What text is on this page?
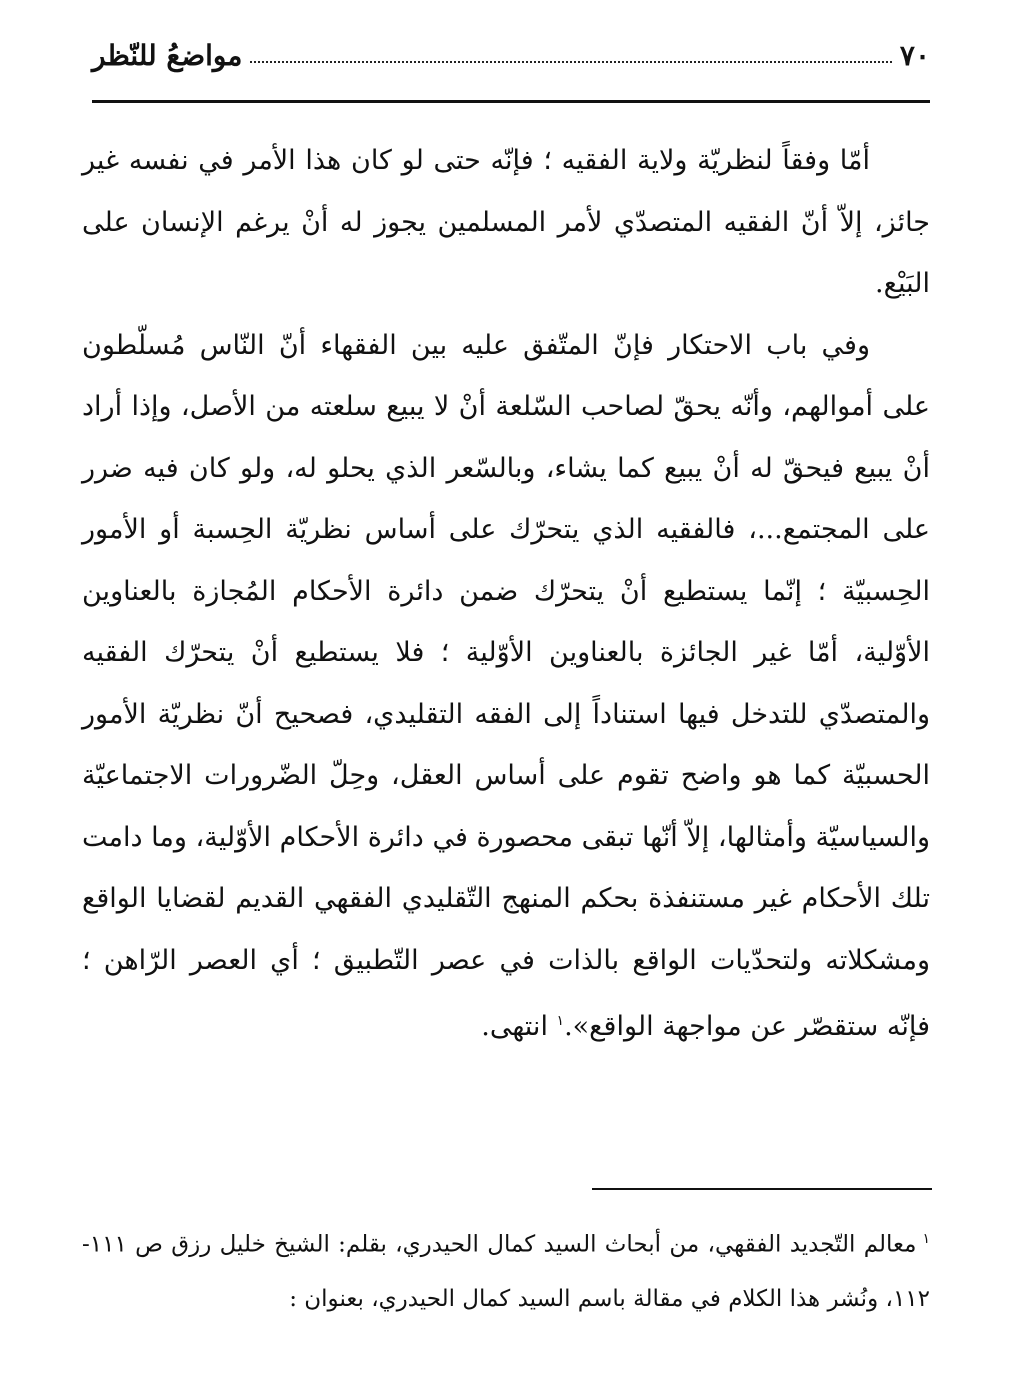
٧٠
مواضعُ للنّظر

أمّا وفقاً لنظريّة ولاية الفقيه ؛ فإنّه حتى لو كان هذا الأمر في نفسه غير جائز، إلاّ أنّ الفقيه المتصدّي لأمر المسلمين يجوز له أنْ يرغم الإنسان على البَيْع.

وفي باب الاحتكار فإنّ المتّفق عليه بين الفقهاء أنّ النّاس مُسلّطون على أموالهم، وأنّه يحقّ لصاحب السّلعة أنْ لا يبيع سلعته من الأصل، وإذا أراد أنْ يبيع فيحقّ له أنْ يبيع كما يشاء، وبالسّعر الذي يحلو له، ولو كان فيه ضرر على المجتمع...، فالفقيه الذي يتحرّك على أساس نظريّة الحِسبة أو الأمور الحِسبيّة ؛ إنّما يستطيع أنْ يتحرّك ضمن دائرة الأحكام المُجازة بالعناوين الأوّلية، أمّا غير الجائزة بالعناوين الأوّلية ؛ فلا يستطيع أنْ يتحرّك الفقيه والمتصدّي للتدخل فيها استناداً إلى الفقه التقليدي، فصحيح أنّ نظريّة الأمور الحسبيّة كما هو واضح تقوم على أساس العقل، وحِلّ الضّرورات الاجتماعيّة والسياسيّة وأمثالها، إلاّ أنّها تبقى محصورة في دائرة الأحكام الأوّلية، وما دامت تلك الأحكام غير مستنفذة بحكم المنهج التّقليدي الفقهي القديم لقضايا الواقع ومشكلاته ولتحدّيات الواقع بالذات في عصر التّطبيق ؛ أي العصر الرّاهن ؛ فإنّه ستقصّر عن مواجهة الواقع».$^١$ انتهى.

$^١$معالم التّجديد الفقهي، من أبحاث السيد كمال الحيدري، بقلم: الشيخ خليل رزق ص ١١١- ١١٢، ونُشر هذا الكلام في مقالة باسم السيد كمال الحيدري، بعنوان :
